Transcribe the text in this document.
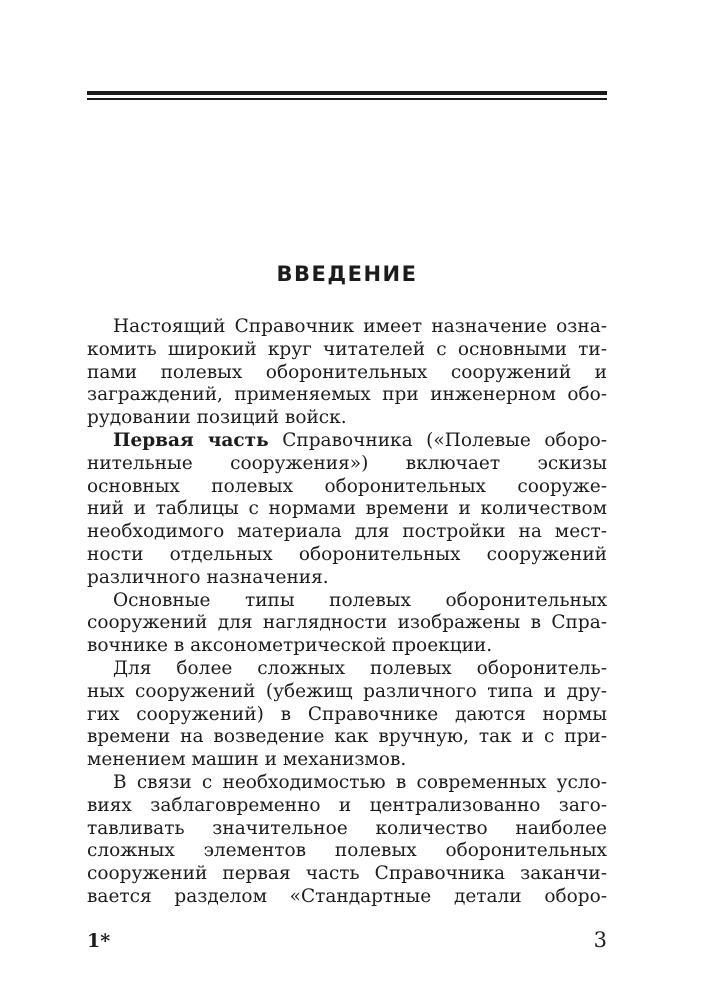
ВВЕДЕНИЕ
Настоящий Справочник имеет назначение озна-
комить широкий круг читателей с основными ти-
пами полевых оборонительных сооружений и
заграждений, применяемых при инженерном обо-
рудовании позиций войск.
Первая часть Справочника («Полевые оборо-
нительные сооружения») включает эскизы
основных полевых оборонительных сооруже-
ний и таблицы с нормами времени и количеством
необходимого материала для постройки на мест-
ности отдельных оборонительных сооружений
различного назначения.
Основные типы полевых оборонительных
сооружений для наглядности изображены в Спра-
вочнике в аксонометрической проекции.
Для более сложных полевых оборонитель-
ных сооружений (убежищ различного типа и дру-
гих сооружений) в Справочнике даются нормы
времени на возведение как вручную, так и с при-
менением машин и механизмов.
В связи с необходимостью в современных усло-
виях заблаговременно и централизованно заго-
тавливать значительное количество наиболее
сложных элементов полевых оборонительных
сооружений первая часть Справочника заканчи-
вается разделом «Стандартные детали оборо-
1*	3
